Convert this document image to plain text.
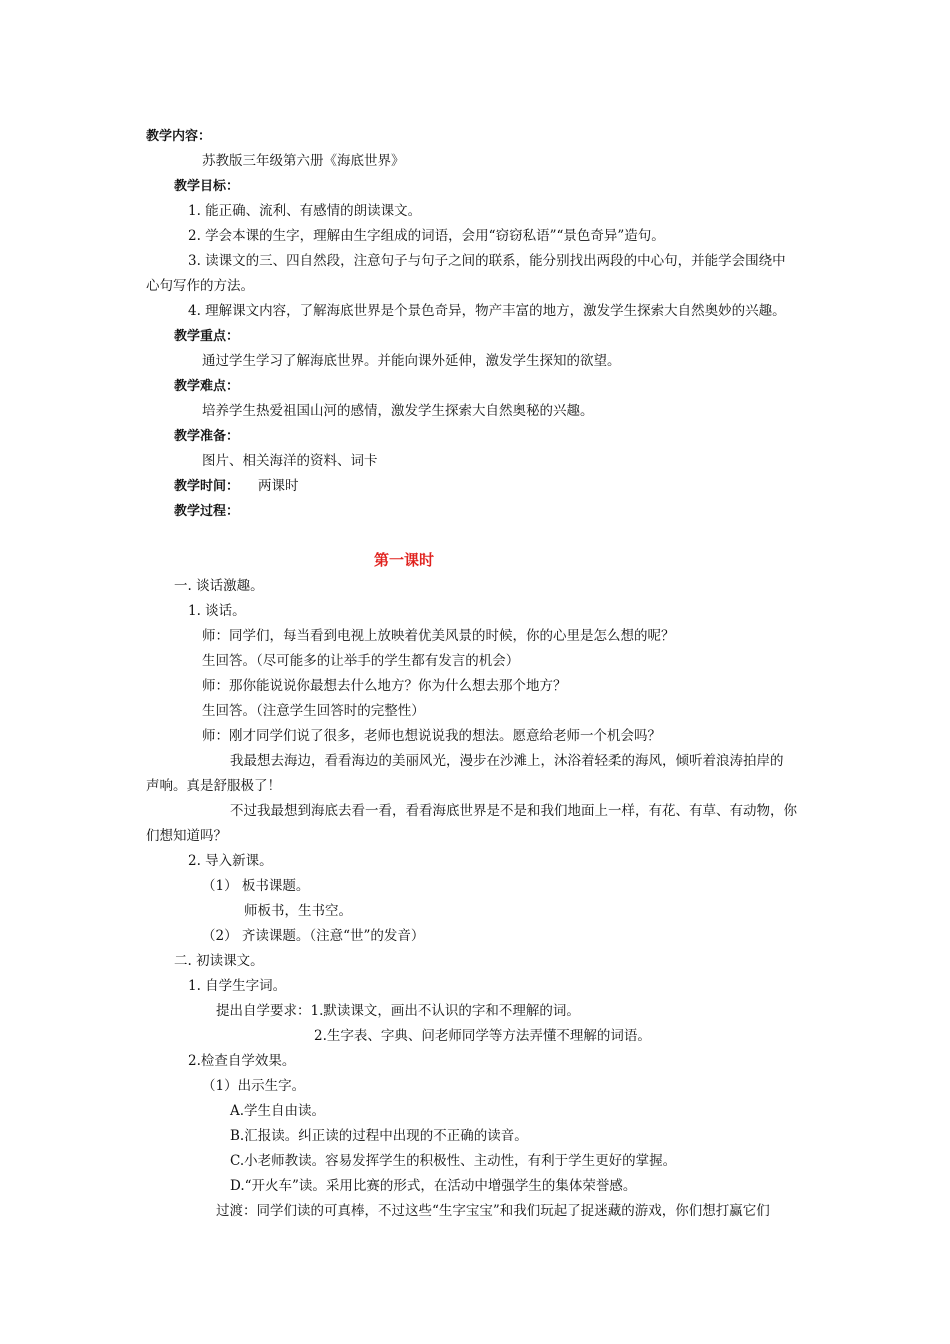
教学内容：
苏教版三年级第六册《海底世界》
教学目标：
1. 能正确、流利、有感情的朗读课文。
2. 学会本课的生字，理解由生字组成的词语，会用“窃窃私语”“景色奇异”造句。
3. 读课文的三、四自然段，注意句子与句子之间的联系，能分别找出两段的中心句，并能学会围绕中
心句写作的方法。
4. 理解课文内容，了解海底世界是个景色奇异，物产丰富的地方，激发学生探索大自然奥妙的兴趣。
教学重点：
通过学生学习了解海底世界。并能向课外延伸，激发学生探知的欲望。
教学难点：
培养学生热爱祖国山河的感情，激发学生探索大自然奥秘的兴趣。
教学准备：
图片、相关海洋的资料、词卡
教学时间： 两课时
教学过程：
第一课时
一. 谈话激趣。
1. 谈话。
师：同学们，每当看到电视上放映着优美风景的时候，你的心里是怎么想的呢？
生回答。（尽可能多的让举手的学生都有发言的机会）
师：那你能说说你最想去什么地方？你为什么想去那个地方？
生回答。（注意学生回答时的完整性）
师：刚才同学们说了很多，老师也想说说我的想法。愿意给老师一个机会吗？
我最想去海边，看看海边的美丽风光，漫步在沙滩上，沐浴着轻柔的海风，倾听着浪涛拍岸的
声响。真是舒服极了！
不过我最想到海底去看一看，看看海底世界是不是和我们地面上一样，有花、有草、有动物，你
们想知道吗？
2. 导入新课。
（1） 板书课题。
师板书，生书空。
（2） 齐读课题。（注意“世”的发音）
二. 初读课文。
1. 自学生字词。
提出自学要求：1.默读课文，画出不认识的字和不理解的词。
2.生字表、字典、问老师同学等方法弄懂不理解的词语。
2.检查自学效果。
（1）出示生字。
A.学生自由读。
B.汇报读。纠正读的过程中出现的不正确的读音。
C.小老师教读。容易发挥学生的积极性、主动性，有利于学生更好的掌握。
D.“开火车”读。采用比赛的形式，在活动中增强学生的集体荣誉感。
过渡：同学们读的可真棒，不过这些“生字宝宝”和我们玩起了捉迷藏的游戏，你们想打赢它们
